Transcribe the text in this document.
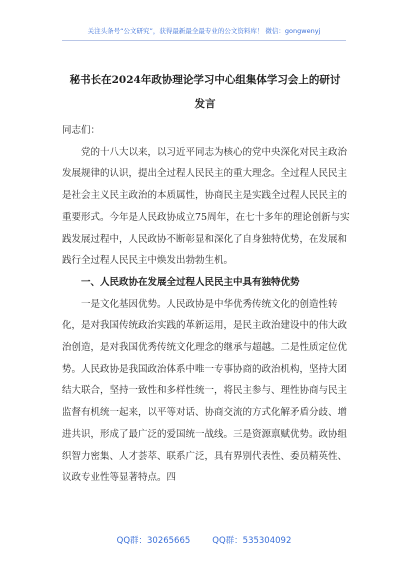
关注头条号“公文研究”，获得最新最全最专业的公文资料库！ 微信：gongwenyj
秘书长在2024年政协理论学习中心组集体学习会上的研讨
发言

同志们：

党的十八大以来，以习近平同志为核心的党中央深化对民主政治发展规律的认识，提出全过程人民民主的重大理念。全过程人民民主是社会主义民主政治的本质属性，协商民主是实践全过程人民民主的重要形式。今年是人民政协成立75周年，在七十多年的理论创新与实践发展过程中，人民政协不断彰显和深化了自身独特优势，在发展和践行全过程人民民主中焕发出勃勃生机。

一、人民政协在发展全过程人民民主中具有独特优势

一是文化基因优势。人民政协是中华优秀传统文化的创造性转化，是对我国传统政治实践的革新运用，是民主政治建设中的伟大政治创造，是对我国优秀传统文化理念的继承与超越。二是性质定位优势。人民政协是我国政治体系中唯一专事协商的政治机构，坚持大团结大联合，坚持一致性和多样性统一，将民主参与、理性协商与民主监督有机统一起来，以平等对话、协商交流的方式化解矛盾分歧、增进共识，形成了最广泛的爱国统一战线。三是资源禀赋优势。政协组织智力密集、人才荟萃、联系广泛，具有界别代表性、委员精英性、议政专业性等显著特点。四

QQ群：30265665	QQ群：535304092
